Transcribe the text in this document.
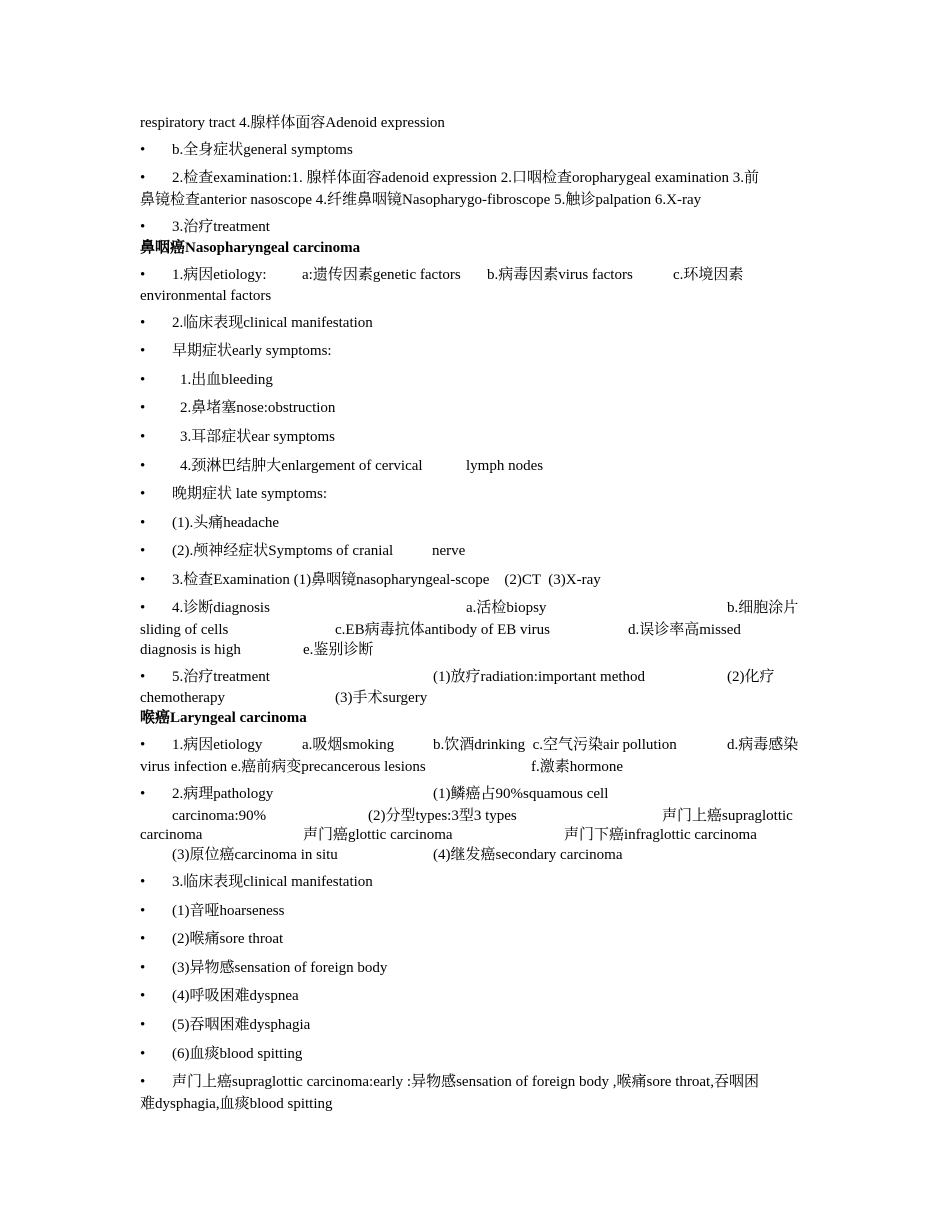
respiratory tract 4.腺样体面容Adenoid expression
•	b.全身症状general symptoms
•	2.检查examination:1. 腺样体面容adenoid expression 2.口咽检查oropharygeal examination 3.前
鼻镜检查anterior nasoscope 4.纤维鼻咽镜Nasopharygo-fibroscope 5.触诊palpation 6.X-ray
•	3.治疗treatment
鼻咽癌Nasopharyngeal carcinoma
•	1.病因etiology: a:遗传因素genetic factors b.病毒因素virus factors	c.环境因素
environmental factors
•	2.临床表现clinical manifestation
•	早期症状early symptoms:
•	1.出血bleeding
•	2.鼻堵塞nose:obstruction
•	3.耳部症状ear symptoms
•	4.颈淋巴结肿大enlargement of cervical	lymph nodes
•	晚期症状 late symptoms:
•	(1).头痛headache
•	(2).颅神经症状Symptoms of cranial	nerve
•	3.检查Examination (1)鼻咽镜nasopharyngeal-scope    (2)CT  (3)X-ray
•	4.诊断diagnosis	a.活检biopsy	b.细胞涂片
sliding of cells	c.EB病毒抗体antibody of EB virus	d.误诊率高missed
diagnosis is high	e.鉴别诊断
•	5.治疗treatment	(1)放疗radiation:important method	(2)化疗
chemotherapy	(3)手术surgery
喉癌Laryngeal carcinoma
•	1.病因etiology	a.吸烟smoking	b.饮酒drinking  c.空气污染air pollution	d.病毒感染
virus infection e.癌前病变precancerous lesions	f.激素hormone
•	2.病理pathology	(1)鳞癌占90%squamous cell
carcinoma:90%	(2)分型types:3型3 types	声门上癌supraglottic
carcinoma	声门癌glottic carcinoma	声门下癌infraglottic carcinoma
(3)原位癌carcinoma in situ	(4)继发癌secondary carcinoma
•	3.临床表现clinical manifestation
•	(1)音哑hoarseness
•	(2)喉痛sore throat
•	(3)异物感sensation of foreign body
•	(4)呼吸困难dyspnea
•	(5)吞咽困难dysphagia
•	(6)血痰blood spitting
•	声门上癌supraglottic carcinoma:early :异物感sensation of foreign body ,喉痛sore throat,吞咽困
难dysphagia,血痰blood spitting
